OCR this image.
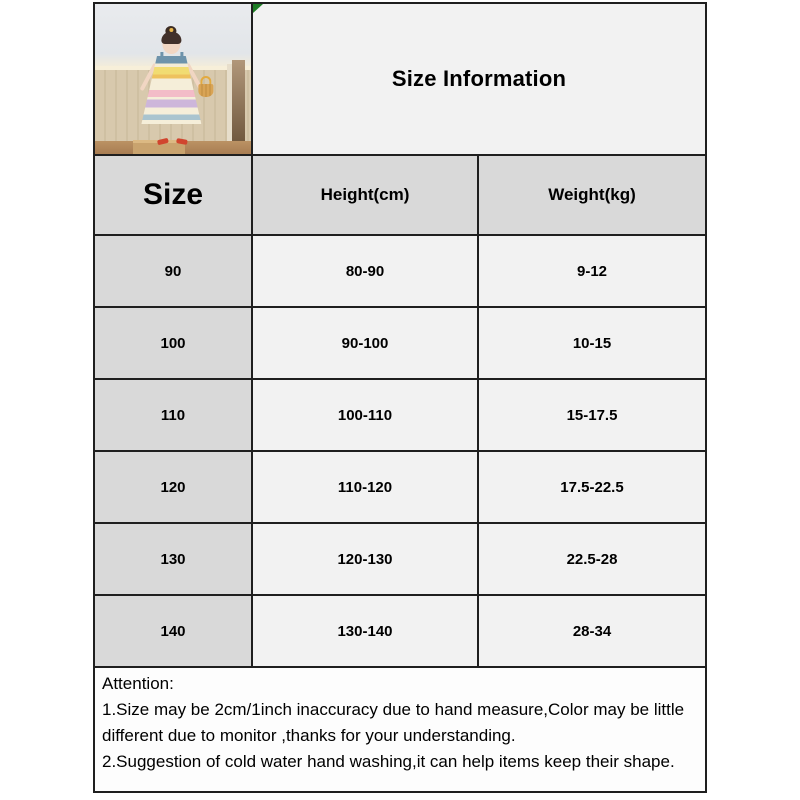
Size Information
Size	Height(cm)	Weight(kg)
90	80-90	9-12
100	90-100	10-15
110	100-110	15-17.5
120	110-120	17.5-22.5
130	120-130	22.5-28
140	130-140	28-34
Attention:
1.Size may be 2cm/1inch inaccuracy due to hand measure,Color may be little
different due to monitor ,thanks for your understanding.
2.Suggestion of cold water hand washing,it can help items keep their shape.
